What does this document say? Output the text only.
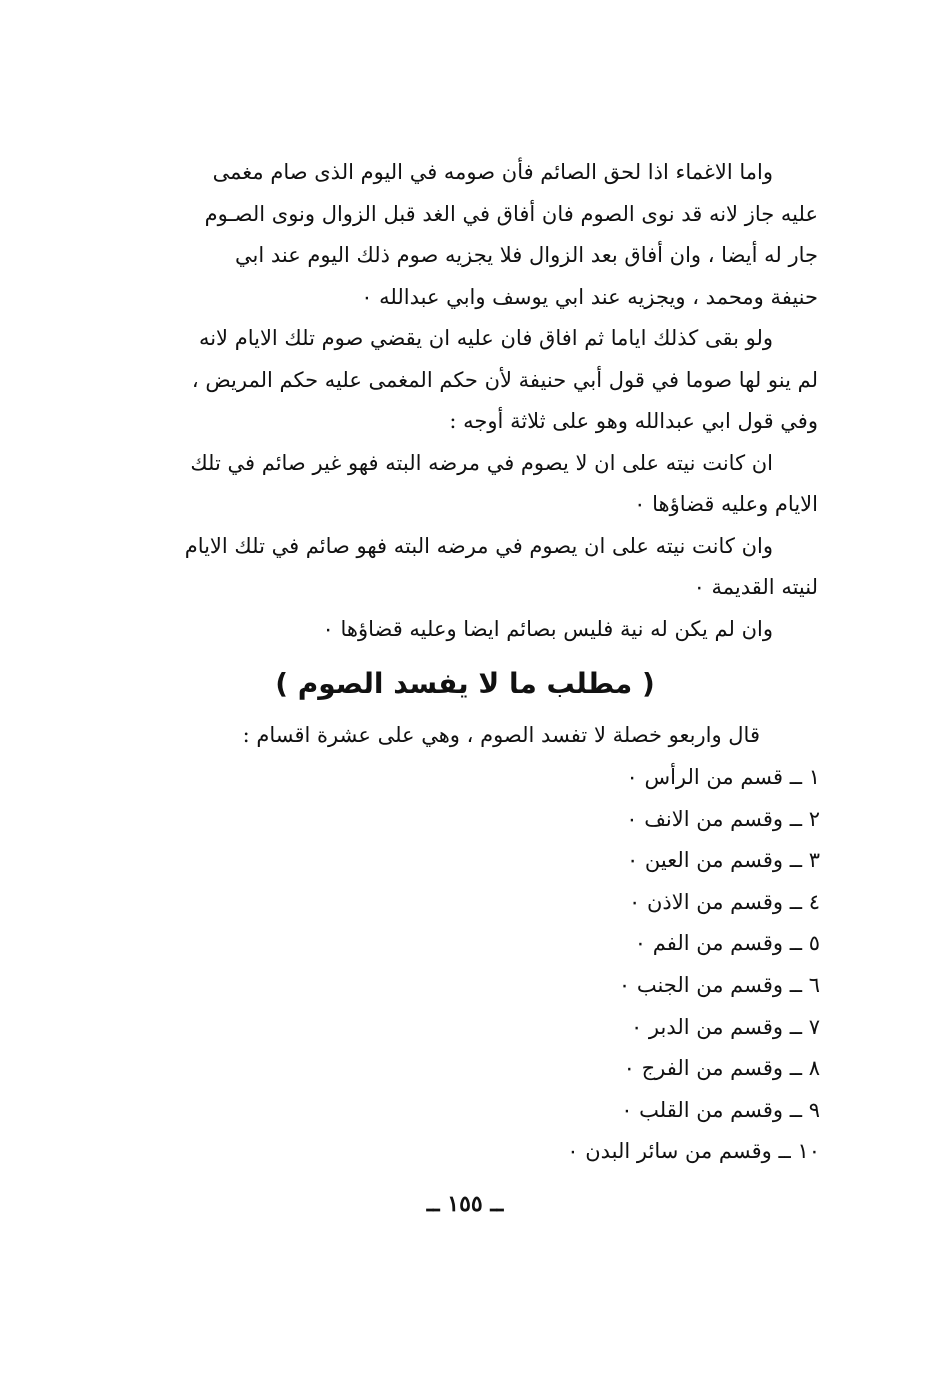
واما الاغماء اذا لحق الصائم فأن صومه في اليوم الذى صام مغمى
عليه جاز لانه قد نوى الصوم فان أفاق في الغد قبل الزوال ونوى الصـوم
جار له أيضا ، وان أفاق بعد الزوال فلا يجزيه صوم ذلك اليوم عند ابي
حنيفة ومحمد ، ويجزيه عند ابي يوسف وابي عبدالله ٠
ولو بقى كذلك اياما ثم افاق فان عليه ان يقضي صوم تلك الايام لانه
لم ينو لها صوما في قول أبي حنيفة لأن حكم المغمى عليه حكم المريض ،
وفي قول ابي عبدالله وهو على ثلاثة أوجه :
ان كانت نيته على ان لا يصوم في مرضه البته فهو غير صائم في تلك
الايام وعليه قضاؤها ٠
وان كانت نيته على ان يصوم في مرضه البته فهو صائم في تلك الايام
لنيته القديمة ٠
وان لم يكن له نية فليس بصائم ايضا وعليه قضاؤها ٠
( مطلب ما لا يفسد الصوم )
قال واربعو خصلة لا تفسد الصوم ، وهي على عشرة اقسام :
١ ــ قسم من الرأس ٠
٢ ــ وقسم من الانف ٠
٣ ــ وقسم من العين ٠
٤ ــ وقسم من الاذن ٠
٥ ــ وقسم من الفم ٠
٦ ــ وقسم من الجنب ٠
٧ ــ وقسم من الدبر ٠
٨ ــ وقسم من الفرج ٠
٩ ــ وقسم من القلب ٠
١٠ ــ وقسم من سائر البدن ٠
ــ ١٥٥ ــ
